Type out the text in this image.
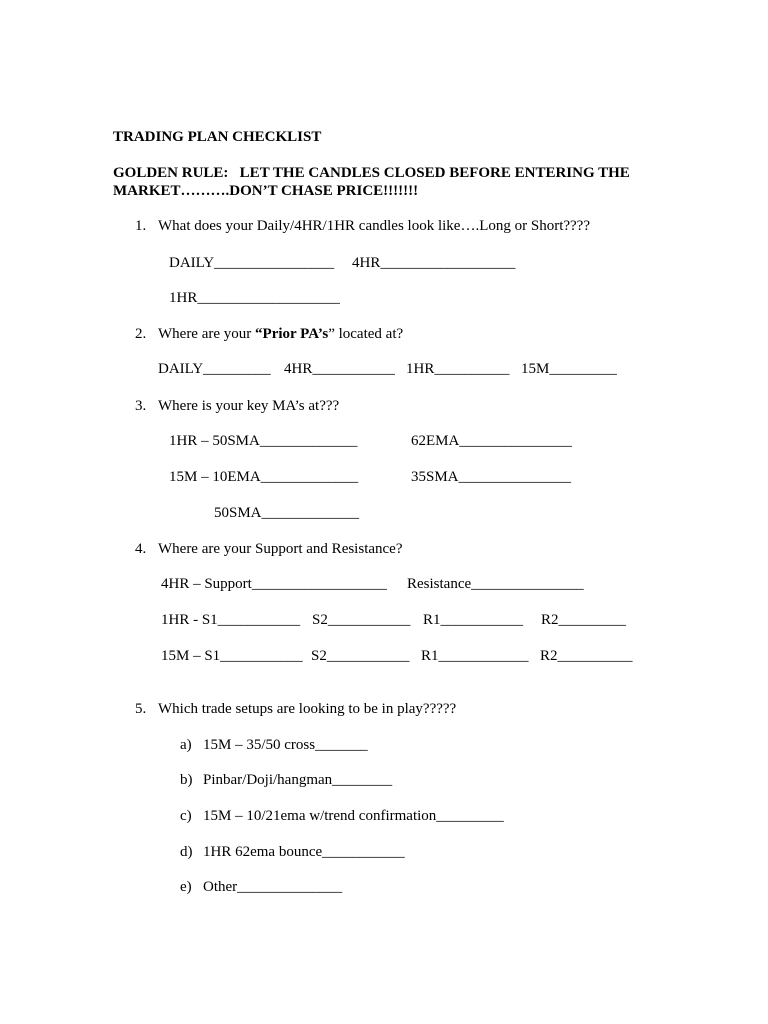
TRADING PLAN CHECKLIST
GOLDEN RULE:   LET THE CANDLES CLOSED BEFORE ENTERING THE
MARKET……….DON’T CHASE PRICE!!!!!!!
1. What does your Daily/4HR/1HR candles look like….Long or Short????
DAILY________________ 4HR__________________
1HR___________________
2. Where are your “Prior PA’s” located at?
DAILY_________ 4HR___________ 1HR__________ 15M_________
3. Where is your key MA’s at???
1HR – 50SMA_____________	62EMA_______________
15M – 10EMA_____________	35SMA_______________
50SMA_____________
4. Where are your Support and Resistance?
4HR – Support__________________ Resistance_______________
1HR - S1___________ S2___________ R1___________ R2_________
15M – S1___________ S2___________ R1____________ R2__________
5. Which trade setups are looking to be in play?????
a) 15M – 35/50 cross_______
b) Pinbar/Doji/hangman________
c) 15M – 10/21ema w/trend confirmation_________
d) 1HR 62ema bounce___________
e) Other______________
